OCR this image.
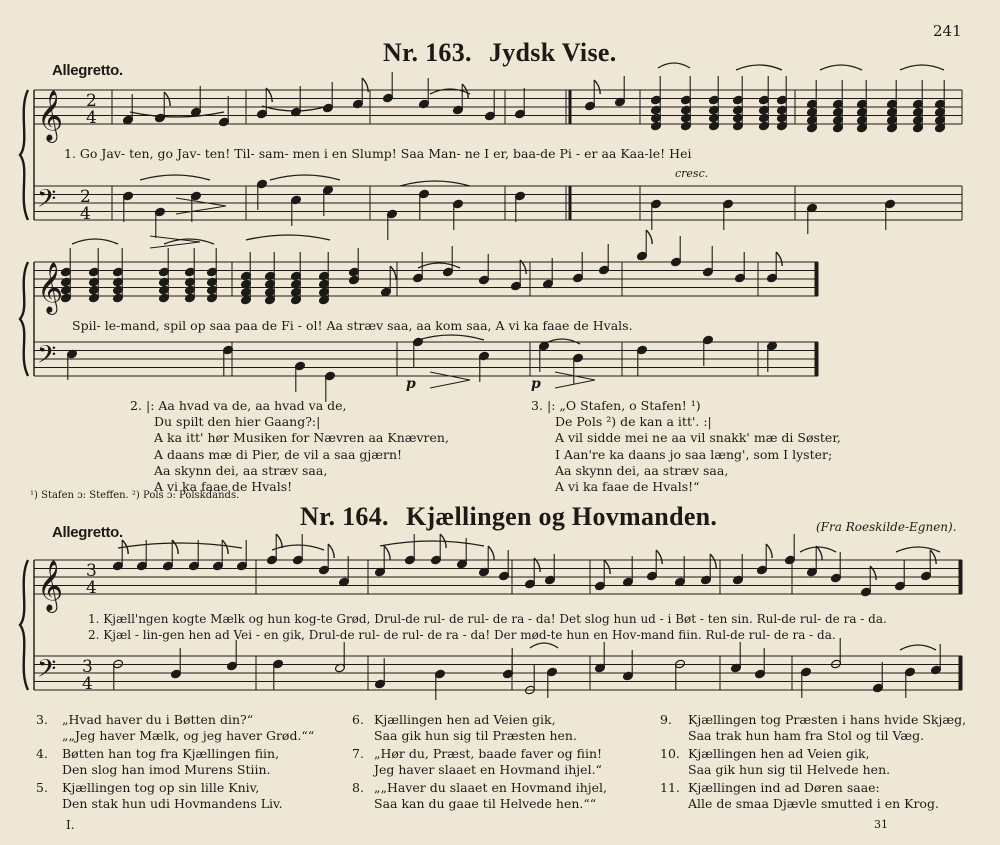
241
Allegretto.
Nr. 163. Jydsk Vise.
𝄞
𝄢
2
4
2
4
𝄞
𝄢
𝄞
𝄢
3
4
3
4
1. Go Jav- ten, go Jav- ten! Til- sam- men i en Slump! Saa Man- ne I er, baa-de Pi - er aa Kaa-le! Hei
cresc.
Spil- le-mand, spil op saa paa de Fi - ol! Aa stræv saa, aa kom saa, A vi ka faae de Hvals.
p	p
2. |: Aa hvad va de, aa hvad va de,
Du spilt den hier Gaang?:|
A ka itt' hør Musiken for Nævren aa Knævren,
A daans mæ di Pier, de vil a saa gjærn!
Aa skynn dei, aa stræv saa,
A vi ka faae de Hvals!
3. |: „O Stafen, o Stafen! ¹)
De Pols ²) de kan a itt'. :|
A vil sidde mei ne aa vil snakk' mæ di Søster,
I Aan're ka daans jo saa læng', som I lyster;
Aa skynn dei, aa stræv saa,
A vi ka faae de Hvals!“
¹) Stafen ɔ: Steffen. ²) Pols ɔ: Polskdands.
Allegretto.
Nr. 164. Kjællingen og Hovmanden.	(Fra Roeskilde-Egnen).
1. Kjæll'ngen kogte Mælk og hun kog-te Grød, Drul-de rul- de rul- de ra - da! Det slog hun ud - i Bøt - ten sin. Rul-de rul- de ra - da.
2. Kjæl - lin-gen hen ad Vei - en gik, Drul-de rul- de rul- de ra - da! Der mød-te hun en Hov-mand fiin. Rul-de rul- de ra - da.
3. „Hvad haver du i Bøtten din?“

„„Jeg haver Mælk, og jeg haver Grød.““
4. Bøtten han tog fra Kjællingen fiin,

Den slog han imod Murens Stiin.
5. Kjællingen tog op sin lille Kniv,

Den stak hun udi Hovmandens Liv.
6. Kjællingen hen ad Veien gik,

Saa gik hun sig til Præsten hen.
7. „Hør du, Præst, baade faver og fiin!

Jeg haver slaaet en Hovmand ihjel.“
8. „„Haver du slaaet en Hovmand ihjel,

Saa kan du gaae til Helvede hen.““
9. Kjællingen tog Præsten i hans hvide Skjæg,

Saa trak hun ham fra Stol og til Væg.
10. Kjællingen hen ad Veien gik,

Saa gik hun sig til Helvede hen.
11. Kjællingen ind ad Døren saae:

Alle de smaa Djævle smutted i en Krog.
I.	31
